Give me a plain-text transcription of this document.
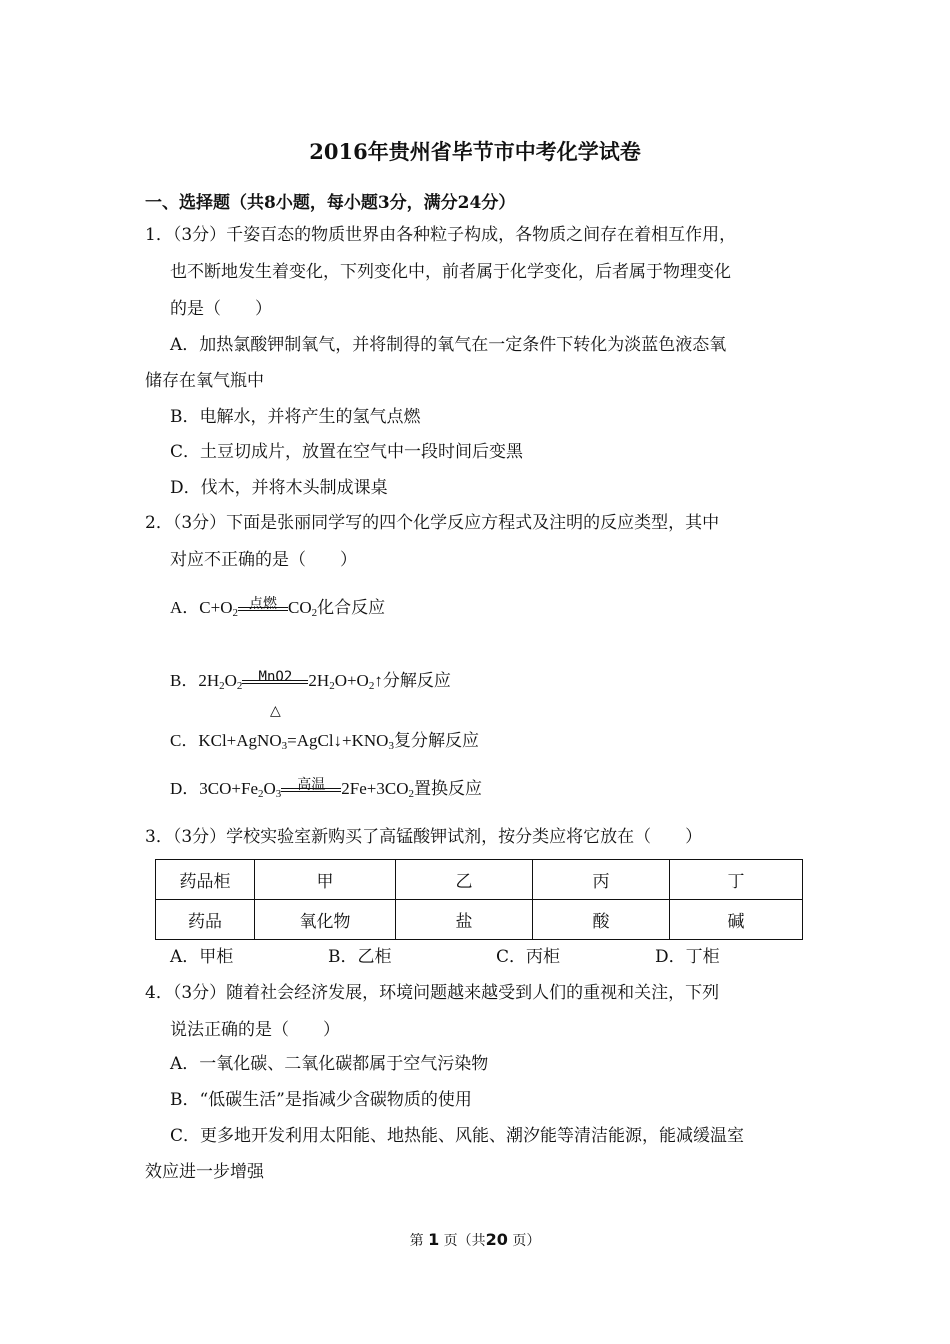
2016年贵州省毕节市中考化学试卷
一、选择题（共8小题，每小题3分，满分24分）
1．（3分）千姿百态的物质世界由各种粒子构成，各物质之间存在着相互作用，
也不断地发生着变化，下列变化中，前者属于化学变化，后者属于物理变化
的是（　　）
A．加热氯酸钾制氧气，并将制得的氧气在一定条件下转化为淡蓝色液态氧
储存在氧气瓶中
B．电解水，并将产生的氢气点燃
C．土豆切成片，放置在空气中一段时间后变黑
D．伐木，并将木头制成课桌
2．（3分）下面是张丽同学写的四个化学反应方程式及注明的反应类型，其中
对应不正确的是（　　）
A．$C+O_2$
点燃 $CO_2$化合反应
B．$2H_2O_2$
MnO2
△
$2H_2O+O_2↑$分解反应
C．$KCl+AgNO_3=AgCl↓+KNO_3$复分解反应
D．$3CO+Fe_2O_3$
高温 $2Fe+3CO_2$置换反应
3．（3分）学校实验室新购买了高锰酸钾试剂，按分类应将它放在（　　）
药品柜	甲	乙	丙	丁
药品	氧化物	盐	酸	碱
A．甲柜	B．乙柜	C．丙柜	D．丁柜
4．（3分）随着社会经济发展，环境问题越来越受到人们的重视和关注，下列
说法正确的是（　　）
A．一氧化碳、二氧化碳都属于空气污染物
B．“低碳生活”是指减少含碳物质的使用
C．更多地开发利用太阳能、地热能、风能、潮汐能等清洁能源，能减缓温室
效应进一步增强
第 1 页（共20 页）
